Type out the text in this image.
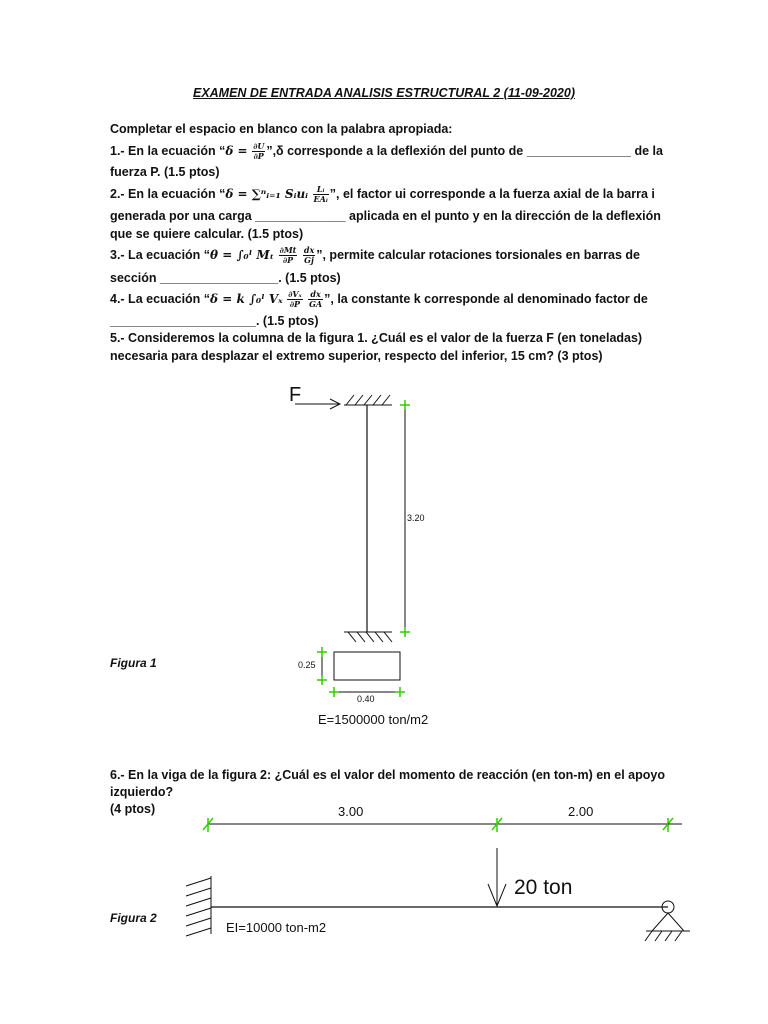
EXAMEN DE ENTRADA ANALISIS ESTRUCTURAL 2 (11-09-2020)
Completar el espacio en blanco con la palabra apropiada:
1.- En la ecuación “$\delta = \frac{\partial U}{\partial P}$ ”,δ corresponde a la deflexión del punto de _______________ de la
fuerza P. (1.5 ptos)
2.- En la ecuación “δ = ∑ⁿᵢ₌₁ Sᵢuᵢ $\frac{\text{Lᵢ}}{\text{EAᵢ}}$ ”, el factor ui corresponde a la fuerza axial de la barra i
generada por una carga _____________ aplicada en el punto y en la dirección de la deflexión
que se quiere calcular. (1.5 ptos)
3.- La ecuación “θ = ∫₀ˡ Mₜ $\frac{\partial Mt}{\partial P}$
$\frac{dx}{Gj}$ ”, permite calcular rotaciones torsionales en barras de
sección _________________. (1.5 ptos)
4.- La ecuación “δ = k ∫₀ˡ Vₓ $\frac{\text{∂Vₓ}}{\partial P}$
$\frac{dx}{GA}$ ”, la constante k corresponde al denominado factor de
_____________________. (1.5 ptos)
5.- Consideremos la columna de la figura 1. ¿Cuál es el valor de la fuerza F (en toneladas)
necesaria para desplazar el extremo superior, respecto del inferior, 15 cm? (3 ptos)
F
3.20
0.25
0.40
E=1500000 ton/m2
Figura 1
6.- En la viga de la figura 2: ¿Cuál es el valor del momento de reacción (en ton-m) en el apoyo
izquierdo?
(4 ptos)	3.00	2.00
20 ton
EI=10000 ton-m2
Figura 2
